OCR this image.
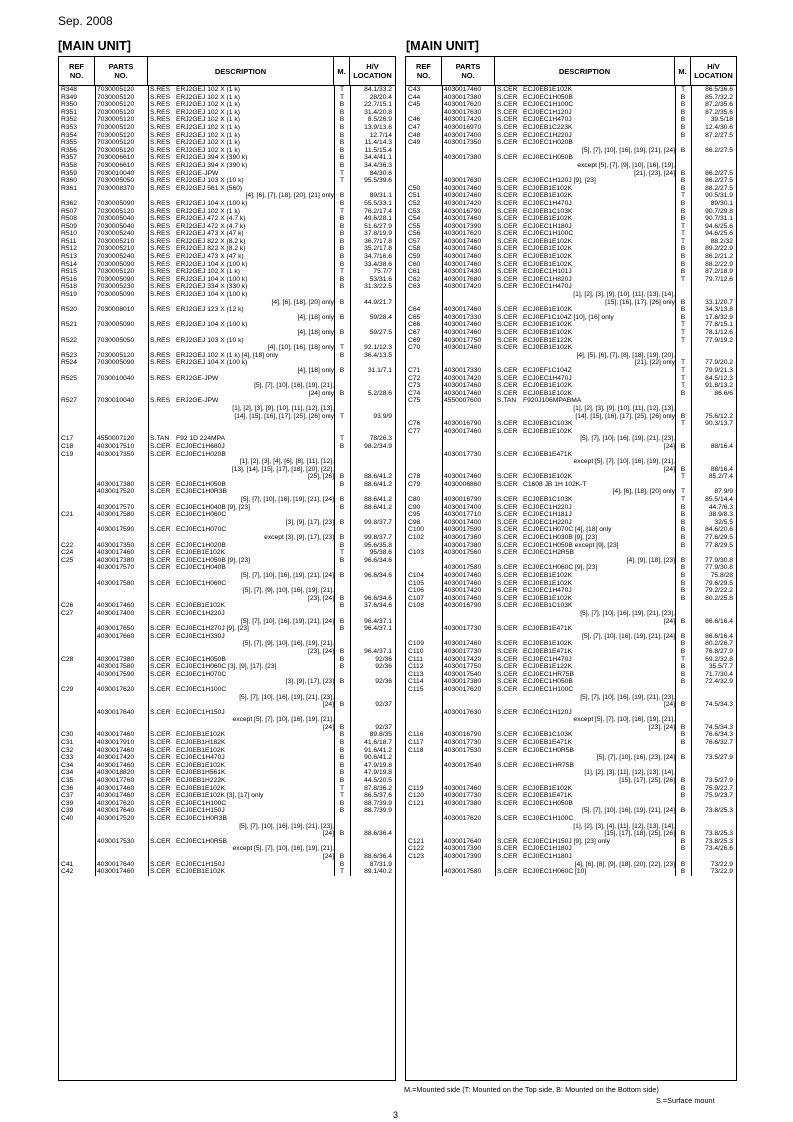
Sep. 2008
[MAIN UNIT]	[MAIN UNIT]
REF
NO.
PARTS
NO.	DESCRIPTION	M.	H/V
LOCATION
R348	7030005120	S.RES ERJ2GEJ 102 X (1 k)	T	84.1/33.2
R349	7030005120	S.RES ERJ2GEJ 102 X (1 k)	T	28/20.4
R350	7030005120	S.RES ERJ2GEJ 102 X (1 k)	B	22.7/15.1
R351	7030005120	S.RES ERJ2GEJ 102 X (1 k)	B	31.4/20.8
R352	7030005120	S.RES ERJ2GEJ 102 X (1 k)	B	8.5/26.9
R353	7030005120	S.RES ERJ2GEJ 102 X (1 k)	B	13.9/13.6
R354	7030005120	S.RES ERJ2GEJ 102 X (1 k)	B	12.7/14
R355	7030005120	S.RES ERJ2GEJ 102 X (1 k)	B	11.4/14.3
R356	7030005120	S.RES ERJ2GEJ 102 X (1 k)	B	11.5/15.4
R357	7030006610	S.RES ERJ2GEJ 394 X (390 k)	B	34.4/41.1
R358	7030006610	S.RES ERJ2GEJ 394 X (390 k)	B	34.4/36.3
R359	7030010040	S.RES ERJ2GE-JPW	T	84/30.6
R360	7030005050	S.RES ERJ2GEJ 103 X (10 k)	T	95.5/39.6
R361	7030008370	S.RES ERJ2GEJ 561 X (560)
[4], [6], [7], [18], [20], [21] only B	89/31.1
R362	7030005090	S.RES ERJ2GEJ 104 X (100 k)	B	55.5/33.1
R507	7030005120	S.RES ERJ2GEJ 102 X (1 k)	T	76.2/17.4
R508	7030005040	S.RES ERJ2GEJ 472 X (4.7 k)	B	49.6/28.1
R509	7030005040	S.RES ERJ2GEJ 472 X (4.7 k)	B	51.6/27.9
R510	7030005240	S.RES ERJ2GEJ 473 X (47 k)	B	37.8/19.9
R511	7030005210	S.RES ERJ2GEJ 822 X (8.2 k)	B	36.7/17.8
R512	7030005210	S.RES ERJ2GEJ 822 X (8.2 k)	B	35.2/17.8
R513	7030005240	S.RES ERJ2GEJ 473 X (47 k)	B	34.7/16.6
R514	7030005090	S.RES ERJ2GEJ 104 X (100 k)	B	33.4/38.6
R515	7030005120	S.RES ERJ2GEJ 102 X (1 k)	T	75.7/7
R516	7030005090	S.RES ERJ2GEJ 104 X (100 k)	B	53/31.6
R518	7030005230	S.RES ERJ2GEJ 334 X (330 k)	B	31.3/22.5
R519	7030005090	S.RES ERJ2GEJ 104 X (100 k)
[4], [6], [18], [20] only B	44.9/21.7
R520	7030008010	S.RES ERJ2GEJ 123 X (12 k)
[4], [18] only B	59/28.4
R521	7030005090	S.RES ERJ2GEJ 104 X (100 k)
[4], [18] only B	59/27.5
R522	7030005050	S.RES ERJ2GEJ 103 X (10 k)
[4], [10], [16], [18] only T	92.1/12.3
R523	7030005120	S.RES ERJ2GEJ 102 X (1 k) [4], [18] only	B	36.4/13.5
R524	7030005090	S.RES ERJ2GEJ 104 X (100 k)
[4], [18] only B	31.1/7.1
R525	7030010040	S.RES ERJ2GE-JPW
[5], [7], [10], [16], [19], [21],
[24] only B	5.2/28.6
R527	7030010040	S.RES ERJ2GE-JPW
[1], [2], [3], [9], [10], [11], [12], [13],
[14], [15], [16], [17], [25], [26] only T	93.9/9
C17	4550007120	S.TAN	F92 1D 224MPA	T	78/26.3
C18	4030017510	S.CER ECJ0EC1H680J	B	98.2/34.9
C19	4030017350	S.CER ECJ0EC1H020B
[1], [2], [3], [4], [6], [8], [11], [12],
[13], [14], [15], [17], [18], [20], [22],
[25], [26] B	88.6/41.2
4030017380	S.CER ECJ0EC1H050B	B	88.6/41.2
4030017520	S.CER ECJ0EC1H0R3B
[5], [7], [10], [16], [19], [21], [24] B	88.6/41.2
4030017570	S.CER ECJ0EC1H040B [9], [23]	B	88.6/41.2
C21	4030017580	S.CER ECJ0EC1H060C
[3], [9], [17], [23] B	99.8/37.7
4030017590	S.CER ECJ0EC1H070C
except [3], [9], [17], [23] B	99.8/37.7
C22	4030017350	S.CER ECJ0EC1H020B	B	95.6/35.8
C24	4030017460	S.CER ECJ0EB1E102K	T	95/38.6
C25	4030017380	S.CER ECJ0EC1H050B [9], [23]	B	96.6/34.6
4030017570	S.CER ECJ0EC1H040B
[5], [7], [10], [16], [19], [21], [24] B	96.6/34.6
4030017580	S.CER ECJ0EC1H060C
[5], [7], [9], [10], [16], [19], [21],
[23], [24] B	96.6/34.6
C26	4030017460	S.CER ECJ0EB1E102K	B	37.6/34.6
C27	4030017400	S.CER ECJ0EC1H220J
[5], [7], [10], [16], [19], [21], [24] B	96.4/37.1
4030017650	S.CER ECJ0EC1H270J [9], [23]	B	96.4/37.1
4030017660	S.CER ECJ0EC1H330J
[5], [7], [9], [10], [16], [19], [21],
[23], [24] B	96.4/37.1
C28	4030017380	S.CER ECJ0EC1H050B	B	92/36
4030017580	S.CER ECJ0EC1H060C [3], [9], [17], [23]	B	92/36
4030017590	S.CER ECJ0EC1H070C
[3], [9], [17], [23] B	92/36
C29	4030017620	S.CER ECJ0EC1H100C
[5], [7], [10], [16], [19], [21], [23],
[24] B	92/37
4030017640	S.CER ECJ0EC1H150J
except [5], [7], [10], [16], [19], [21],
[24] B	92/37
C30	4030017460	S.CER ECJ0EB1E102K	B	89.8/35
C31	4030017910	S.CER ECJ0EB1H182K	B	41.6/18.7
C32	4030017460	S.CER ECJ0EB1E102K	B	91.6/41.2
C33	4030017420	S.CER ECJ0EC1H470J	B	90.6/41.2
C34	4030017460	S.CER ECJ0EB1E102K	B	47.9/19.8
C34	4030018820	S.CER ECJ0EB1H561K	B	47.9/19.8
C35	4030017760	S.CER ECJ0EB1H222K	B	44.5/20.5
C36	4030017460	S.CER ECJ0EB1E102K	T	87.8/36.2
C37	4030017460	S.CER ECJ0EB1E102K [3], [17] only	T	86.5/37.6
C39	4030017620	S.CER ECJ0EC1H100C	B	88.7/39.9
C39	4030017640	S.CER ECJ0EC1H150J	B	88.7/39.9
C40	4030017520	S.CER ECJ0EC1H0R3B
[5], [7], [10], [16], [19], [21], [23],
[24] B	88.6/36.4
4030017530	S.CER ECJ0EC1H0R5B
except [5], [7], [10], [16], [19], [21],
[24] B	88.6/36.4
C41	4030017640	S.CER ECJ0EC1H150J	B	87/31.9
C42	4030017460	S.CER ECJ0EB1E102K	T	89.1/40.2
REF
NO.
PARTS
NO.	DESCRIPTION	M.	H/V
LOCATION
C43	4030017460	S.CER ECJ0EB1E102K	T	86.5/36.6
C44	4030017380	S.CER ECJ0EC1H050B	B	85.7/32.2
C45	4030017620	S.CER ECJ0EC1H100C	B	87.2/35.6
4030017630	S.CER ECJ0EC1H120J	B	87.2/35.6
C46	4030017420	S.CER ECJ0EC1H470J	B	39.5/18
C47	4030016970	S.CER ECJ0EB1C223K	B	12.4/30.6
C48	4030017400	S.CER ECJ0EC1H220J	B	87.2/27.5
C49	4030017350	S.CER ECJ0EC1H020B
[5], [7], [10], [16], [19], [21], [24] B	86.2/27.5
4030017380	S.CER ECJ0EC1H050B
except [5], [7], [9], [10], [16], [19],
[21], [23], [24] B	86.2/27.5
4030017630	S.CER ECJ0EC1H120J [9], [23]	B	86.2/27.5
C50	4030017460	S.CER ECJ0EB1E102K	B	88.2/27.5
C51	4030017460	S.CER ECJ0EB1E102K	T	90.5/31.9
C52	4030017420	S.CER ECJ0EC1H470J	B	89/30.1
C53	4030016790	S.CER ECJ0EB1C103K	B	90.7/29.8
C54	4030017460	S.CER ECJ0EB1E102K	B	90.7/31.1
C55	4030017390	S.CER ECJ0EC1H180J	T	94.6/25.6
C56	4030017620	S.CER ECJ0EC1H100C	T	94.6/25.6
C57	4030017460	S.CER ECJ0EB1E102K	T	88.2/32
C58	4030017460	S.CER ECJ0EB1E102K	B	89.2/22.9
C59	4030017460	S.CER ECJ0EB1E102K	B	86.2/21.2
C60	4030017460	S.CER ECJ0EB1E102K	B	88.2/22.9
C61	4030017430	S.CER ECJ0EC1H101J	B	87.2/18.9
C62	4030017680	S.CER ECJ0EC1H820J	T	79.7/12.6
C63	4030017420	S.CER ECJ0EC1H470J
[1], [2], [3], [9], [10], [11], [13], [14],
[15], [16], [17], [26] only B	33.1/20.7
C64	4030017460	S.CER ECJ0EB1E102K	B	34.3/13.8
C65	4030017330	S.CER ECJ0EF1C104Z [10], [16] only	B	17.6/32.9
C66	4030017460	S.CER ECJ0EB1E102K	T	77.8/15.1
C67	4030017460	S.CER ECJ0EB1E102K	T	78.1/12.6
C69	4030017750	S.CER ECJ0EB1E122K	T	77.9/19.2
C70	4030017460	S.CER ECJ0EB1E102K
[4], [5], [6], [7], [8], [18], [19], [20],
[21], [22] only T	77.9/20.2
C71	4030017330	S.CER ECJ0EF1C104Z	T	79.9/21.3
C72	4030017420	S.CER ECJ0EC1H470J	T	84.5/12.3
C73	4030017460	S.CER ECJ0EB1E102K	T	91.8/13.2
C74	4030017460	S.CER ECJ0EB1E102K	B	86.6/6
C75	4550007600	S.TAN	F920J106MPABMA
[1], [2], [3], [9], [10], [11], [12], [13],
[14], [15], [16], [17], [25], [26] only B	75.6/12.2
C76	4030016790	S.CER ECJ0EB1C103K	T	90.3/13.7
C77	4030017460	S.CER ECJ0EB1E102K
[5], [7], [10], [16], [19], [21], [23],
[24] B	88/16.4
4030017730	S.CER ECJ0EB1E471K
except [5], [7], [10], [16], [19], [21],
[24] B	88/16.4
C78	4030017460	S.CER ECJ0EB1E102K	T	85.2/7.4
C79	4030006860	S.CER C1608 JB 1H 102K-T
[4], [6], [18], [20] only T	87.9/9
C80	4030016790	S.CER ECJ0EB1C103K	T	85.5/14.4
C90	4030017400	S.CER ECJ0EC1H220J	B	44.7/6.3
C95	4030017710	S.CER ECJ0EC1H181J	B	38.9/8.3
C98	4030017400	S.CER ECJ0EC1H220J	B	32/5.5
C100	4030017590	S.CER ECJ0EC1H070C [4], [18] only	B	84.6/20.6
C102	4030017360	S.CER ECJ0EC1H030B [9], [23]	B	77.6/29.5
4030017380	S.CER ECJ0EC1H050B except [9], [23]	B	77.8/29.5
C103	4030017560	S.CER ECJ0EC1H2R5B
[4], [9], [18], [23] B	77.9/30.8
4030017580	S.CER ECJ0EC1H060C [9], [23]	B	77.9/30.8
C104	4030017460	S.CER ECJ0EB1E102K	B	75.8/28
C105	4030017460	S.CER ECJ0EB1E102K	B	79.6/29.5
C106	4030017420	S.CER ECJ0EC1H470J	B	79.2/22.2
C107	4030017460	S.CER ECJ0EB1E102K	B	80.2/25.8
C108	4030016790	S.CER ECJ0EB1C103K
[5], [7], [10], [16], [19], [21], [23],
[24] B	86.6/16.4
4030017730	S.CER ECJ0EB1E471K
[5], [7], [10], [16], [19], [21], [24] B	86.6/16.4
C109	4030017460	S.CER ECJ0EB1E102K	B	80.2/26.7
C110	4030017730	S.CER ECJ0EB1E471K	B	76.8/27.9
C111	4030017420	S.CER ECJ0EC1H470J	T	69.2/32.8
C112	4030017750	S.CER ECJ0EB1E122K	B	35.5/7.7
C113	4030017540	S.CER ECJ0EC1HR75B	B	71.7/30.4
C114	4030017380	S.CER ECJ0EC1H050B	B	72.4/32.9
C115	4030017620	S.CER ECJ0EC1H100C
[5], [7], [10], [16], [19], [21], [23],
[24] B	74.5/34.3
4030017630	S.CER ECJ0EC1H120J
except [5], [7], [10], [16], [19], [21],
[23], [24] B	74.5/34.3
C116	4030016790	S.CER ECJ0EB1C103K	B	76.6/34.3
C117	4030017730	S.CER ECJ0EB1E471K	B	76.6/32.7
C118	4030017530	S.CER ECJ0EC1H0R5B
[5], [7], [10], [16], [23], [24] B	73.5/27.9
4030017540	S.CER ECJ0EC1HR75B
[1], [2], [3], [11], [12], [13], [14],
[15], [17], [25], [26] B	73.5/27.9
C119	4030017460	S.CER ECJ0EB1E102K	B	75.9/22.7
C120	4030017730	S.CER ECJ0EB1E471K	B	75.9/23.7
C121	4030017380	S.CER ECJ0EC1H050B
[5], [7], [10], [16], [19], [21], [24] B	73.8/25.3
4030017620	S.CER ECJ0EC1H100C
[1], [2], [3], [4], [11], [12], [13], [14],
[15], [17], [18], [25], [26] B	73.8/25.3
C121	4030017640	S.CER ECJ0EC1H150J [9], [23] only	B	73.8/25.3
C122	4030017390	S.CER ECJ0EC1H180J	B	73.4/26.6
C123	4030017390	S.CER ECJ0EC1H180J
[4], [6], [8], [9], [18], [20], [22], [23] B	73/22.9
4030017580	S.CER ECJ0EC1H060C [10]	B	73/22.9
M.=Mounted side (T: Mounted on the Top side, B: Mounted on the Bottom side)
S.=Surface mount
3
